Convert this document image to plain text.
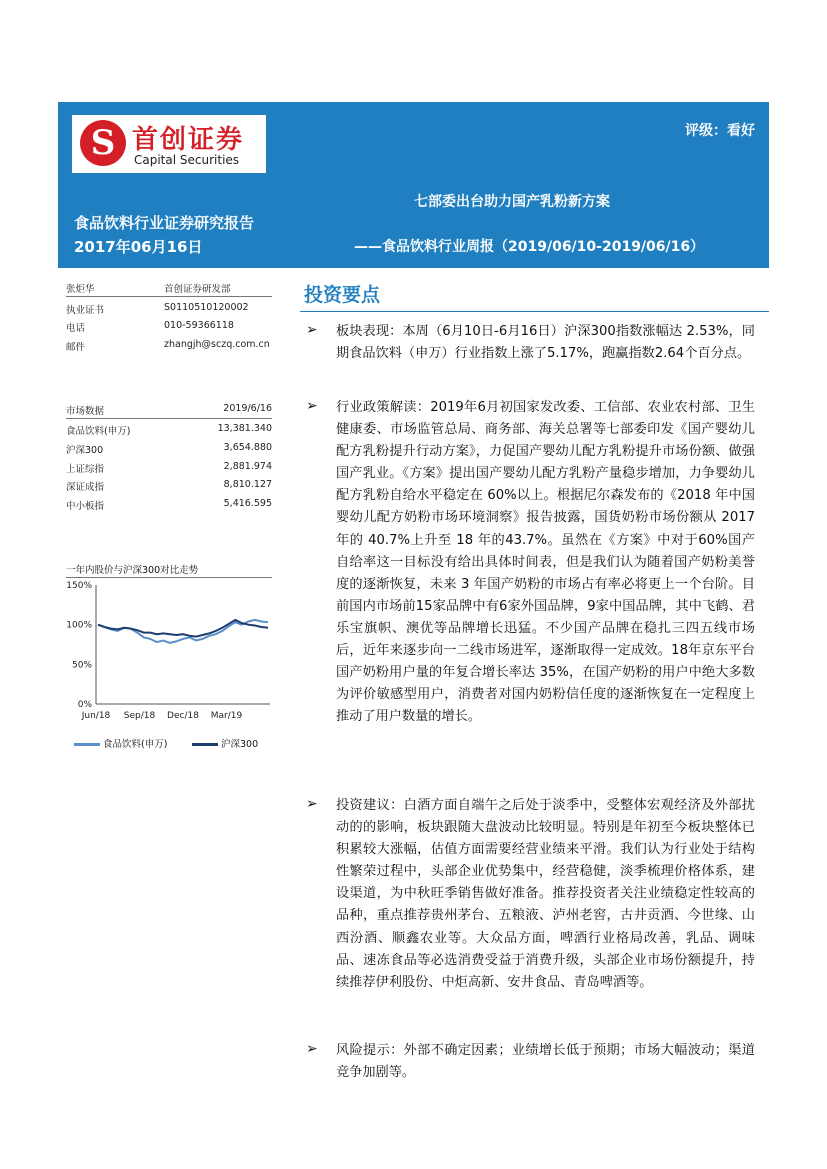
S 首创证券
Capital Securities
评级：看好
食品饮料行业证券研究报告
2017年06月16日
七部委出台助力国产乳粉新方案
——食品饮料行业周报（2019/06/10-2019/06/16）
张炬华	首创证券研发部
执业证书	S0110510120002
电话	010-59366118
邮件	zhangjh@sczq.com.cn
市场数据	2019/6/16
食品饮料(申万)	13,381.340
沪深300	3,654.880
上证综指	2,881.974
深证成指	8,810.127
中小板指	5,416.595
一年内股价与沪深300对比走势
150%
100%
50%
0%
Jun/18 Sep/18 Dec/18 Mar/19
食品饮料(申万)	沪深300
投资要点
➢ 板块表现：本周（6月10日-6月16日）沪深300指数涨幅达 2.53%，同期食品饮料（申万）行业指数上涨了5.17%，跑赢指数2.64个百分点。

➢ 行业政策解读：2019年6月初国家发改委、工信部、农业农村部、卫生健康委、市场监管总局、商务部、海关总署等七部委印发《国产婴幼儿配方乳粉提升行动方案》，力促国产婴幼儿配方乳粉提升市场份额、做强国产乳业。《方案》提出国产婴幼儿配方乳粉产量稳步增加，力争婴幼儿配方乳粉自给水平稳定在 60%以上。根据尼尔森发布的《2018 年中国婴幼儿配方奶粉市场环境洞察》报告披露，国货奶粉市场份额从 2017 年的 40.7%上升至 18 年的43.7%。虽然在《方案》中对于60%国产自给率这一目标没有给出具体时间表，但是我们认为随着国产奶粉美誉度的逐渐恢复，未来 3 年国产奶粉的市场占有率必将更上一个台阶。目前国内市场前15家品牌中有6家外国品牌，9家中国品牌，其中飞鹤、君乐宝旗帜、澳优等品牌增长迅猛。不少国产品牌在稳扎三四五线市场后，近年来逐步向一二线市场进军，逐渐取得一定成效。18年京东平台国产奶粉用户量的年复合增长率达 35%，在国产奶粉的用户中绝大多数为评价敏感型用户，消费者对国内奶粉信任度的逐渐恢复在一定程度上推动了用户数量的增长。

➢ 投资建议：白酒方面自端午之后处于淡季中，受整体宏观经济及外部扰动的的影响，板块跟随大盘波动比较明显。特别是年初至今板块整体已积累较大涨幅，估值方面需要经营业绩来平滑。我们认为行业处于结构性繁荣过程中，头部企业优势集中，经营稳健，淡季梳理价格体系，建设渠道，为中秋旺季销售做好准备。推荐投资者关注业绩稳定性较高的品种，重点推荐贵州茅台、五粮液、泸州老窖，古井贡酒、今世缘、山西汾酒、顺鑫农业等。大众品方面，啤酒行业格局改善，乳品、调味品、速冻食品等必选消费受益于消费升级，头部企业市场份额提升，持续推荐伊利股份、中炬高新、安井食品、青岛啤酒等。

➢ 风险提示：外部不确定因素；业绩增长低于预期；市场大幅波动；渠道竞争加剧等。
